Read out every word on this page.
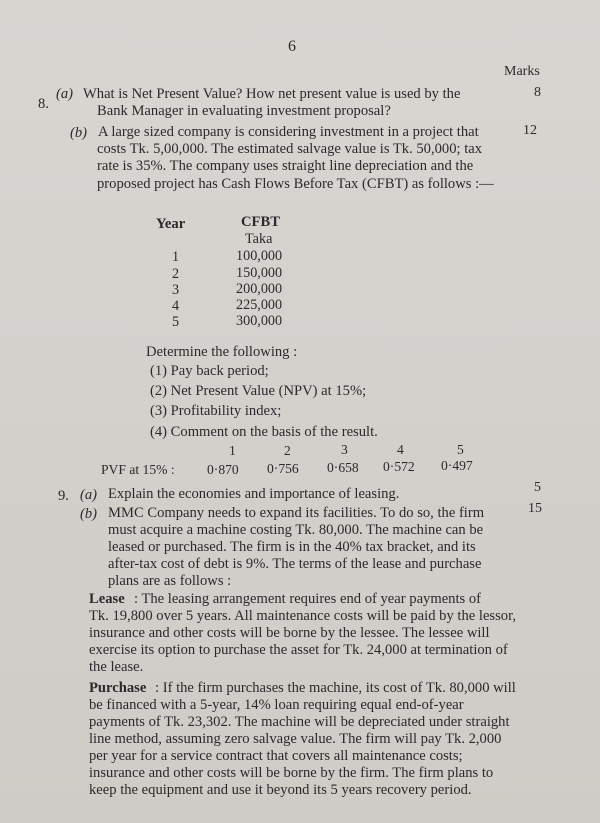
6
Marks
8.
(a) What is Net Present Value? How net present value is used by the
Bank Manager in evaluating investment proposal?
8
(b) A large sized company is considering investment in a project that
costs Tk. 5,00,000. The estimated salvage value is Tk. 50,000; tax
rate is 35%. The company uses straight line depreciation and the
proposed project has Cash Flows Before Tax (CFBT) as follows :—
12
Year	CFBT
Taka
1	100,000
2	150,000
3	200,000
4	225,000
5	300,000
Determine the following :
(1) Pay back period;
(2) Net Present Value (NPV) at 15%;
(3) Profitability index;
(4) Comment on the basis of the result.
1	2	3	4	5
PVF at 15% : 0·870 0·756 0·658 0·572 0·497
9. (a) Explain the economies and importance of leasing.	5
(b) MMC Company needs to expand its facilities. To do so, the firm
must acquire a machine costing Tk. 80,000. The machine can be
leased or purchased. The firm is in the 40% tax bracket, and its
after-tax cost of debt is 9%. The terms of the lease and purchase
plans are as follows :
15
Lease : The leasing arrangement requires end of year payments of
Tk. 19,800 over 5 years. All maintenance costs will be paid by the lessor,
insurance and other costs will be borne by the lessee. The lessee will
exercise its option to purchase the asset for Tk. 24,000 at termination of
the lease.
Purchase : If the firm purchases the machine, its cost of Tk. 80,000 will
be financed with a 5-year, 14% loan requiring equal end-of-year
payments of Tk. 23,302. The machine will be depreciated under straight
line method, assuming zero salvage value. The firm will pay Tk. 2,000
per year for a service contract that covers all maintenance costs;
insurance and other costs will be borne by the firm. The firm plans to
keep the equipment and use it beyond its 5 years recovery period.
